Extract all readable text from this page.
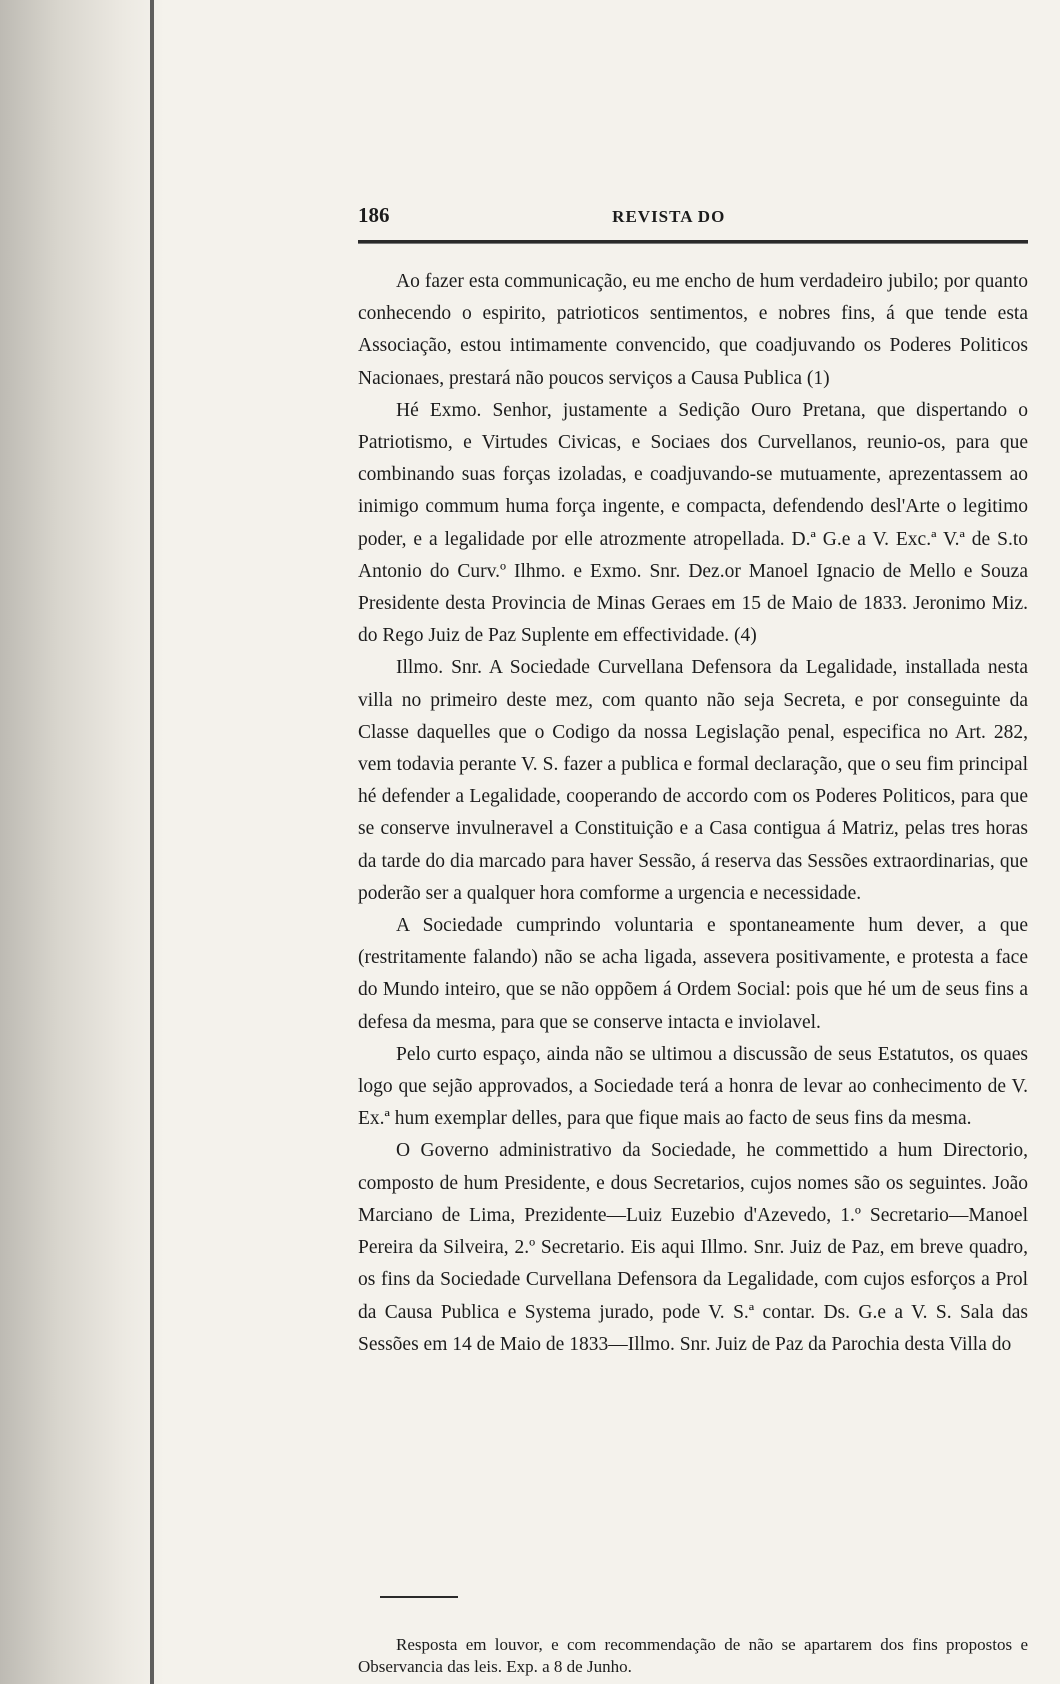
186	REVISTA DO

Ao fazer esta communicação, eu me encho de hum verdadeiro jubilo; por quanto conhecendo o espirito, patrioticos sentimentos, e nobres fins, á que tende esta Associação, estou intimamente convencido, que coadjuvando os Poderes Politicos Nacionaes, prestará não poucos serviços a Causa Publica (1)

Hé Exmo. Senhor, justamente a Sedição Ouro Pretana, que dispertando o Patriotismo, e Virtudes Civicas, e Sociaes dos Curvellanos, reunio-os, para que combinando suas forças izoladas, e coadjuvando-se mutuamente, aprezentassem ao inimigo commum huma força ingente, e compacta, defendendo desl'Arte o legitimo poder, e a legalidade por elle atrozmente atropellada. D.ª G.e a V. Exc.ª V.ª de S.to Antonio do Curv.º Ilhmo. e Exmo. Snr. Dez.or Manoel Ignacio de Mello e Souza Presidente desta Provincia de Minas Geraes em 15 de Maio de 1833. Jeronimo Miz. do Rego Juiz de Paz Suplente em effectividade. (4)

Illmo. Snr. A Sociedade Curvellana Defensora da Legalidade, installada nesta villa no primeiro deste mez, com quanto não seja Secreta, e por conseguinte da Classe daquelles que o Codigo da nossa Legislação penal, especifica no Art. 282, vem todavia perante V. S. fazer a publica e formal declaração, que o seu fim principal hé defender a Legalidade, cooperando de accordo com os Poderes Politicos, para que se conserve invulneravel a Constituição e a Casa contigua á Matriz, pelas tres horas da tarde do dia marcado para haver Sessão, á reserva das Sessões extraordinarias, que poderão ser a qualquer hora comforme a urgencia e necessidade.

A Sociedade cumprindo voluntaria e spontaneamente hum dever, a que (restritamente falando) não se acha ligada, assevera positivamente, e protesta a face do Mundo inteiro, que se não oppõem á Ordem Social: pois que hé um de seus fins a defesa da mesma, para que se conserve intacta e inviolavel.

Pelo curto espaço, ainda não se ultimou a discussão de seus Estatutos, os quaes logo que sejão approvados, a Sociedade terá a honra de levar ao conhecimento de V. Ex.ª hum exemplar delles, para que fique mais ao facto de seus fins da mesma.

O Governo administrativo da Sociedade, he commettido a hum Directorio, composto de hum Presidente, e dous Secretarios, cujos nomes são os seguintes. João Marciano de Lima, Prezidente—Luiz Euzebio d'Azevedo, 1.º Secretario—Manoel Pereira da Silveira, 2.º Secretario. Eis aqui Illmo. Snr. Juiz de Paz, em breve quadro, os fins da Sociedade Curvellana Defensora da Legalidade, com cujos esforços a Prol da Causa Publica e Systema jurado, pode V. S.ª contar. Ds. G.e a V. S. Sala das Sessões em 14 de Maio de 1833—Illmo. Snr. Juiz de Paz da Parochia desta Villa do

Resposta em louvor, e com recommendação de não se apartarem dos fins propostos e Observancia das leis. Exp. a 8 de Junho.
